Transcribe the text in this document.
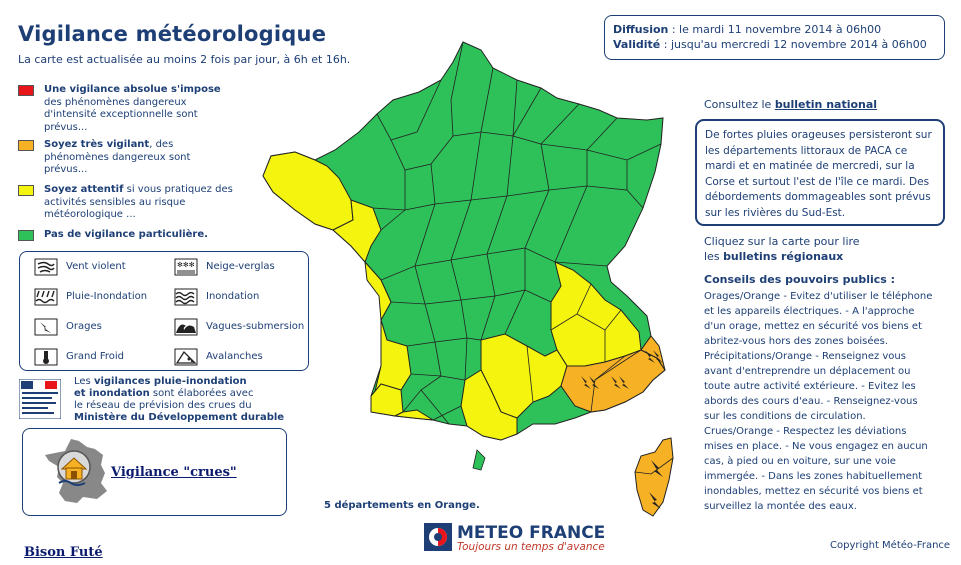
Vigilance météorologique
La carte est actualisée au moins 2 fois par jour, à 6h et 16h.
Une vigilance absolue s'impose
des phénomènes dangereux d'intensité exceptionnelle sont prévus...
Soyez très vigilant, des phénomènes dangereux sont prévus...
Soyez attentif si vous pratiquez des activités sensibles au risque météorologique ...
Pas de vigilance particulière.
Vent violent	✻✻✻ Neige-verglas
Pluie-Inondation	Inondation
Orages	Vagues-submersion
Grand Froid	Avalanches
Les vigilances pluie-inondation
et inondation sont élaborées avec
le réseau de prévision des crues du
Ministère du Développement durable
Vigilance "crues"
Bison Futé
5 départements en Orange.
METEO FRANCE
Toujours un temps d'avance
Diffusion : le mardi 11 novembre 2014 à 06h00
Validité : jusqu'au mercredi 12 novembre 2014 à 06h00
Consultez le bulletin national
De fortes pluies orageuses persisteront sur les départements littoraux de PACA ce mardi et en matinée de mercredi, sur la Corse et surtout l'est de l'île ce mardi. Des débordements dommageables sont prévus sur les rivières du Sud-Est.
Cliquez sur la carte pour lire
les bulletins régionaux
Conseils des pouvoirs publics :
Orages/Orange - Evitez d'utiliser le téléphone et les appareils électriques. - A l'approche d'un orage, mettez en sécurité vos biens et abritez-vous hors des zones boisées. Précipitations/Orange - Renseignez vous avant d'entreprendre un déplacement ou toute autre activité extérieure. - Evitez les abords des cours d'eau. - Renseignez-vous sur les conditions de circulation. Crues/Orange - Respectez les déviations mises en place. - Ne vous engagez en aucun cas, à pied ou en voiture, sur une voie immergée. - Dans les zones habituellement inondables, mettez en sécurité vos biens et surveillez la montée des eaux.
Copyright Météo-France
